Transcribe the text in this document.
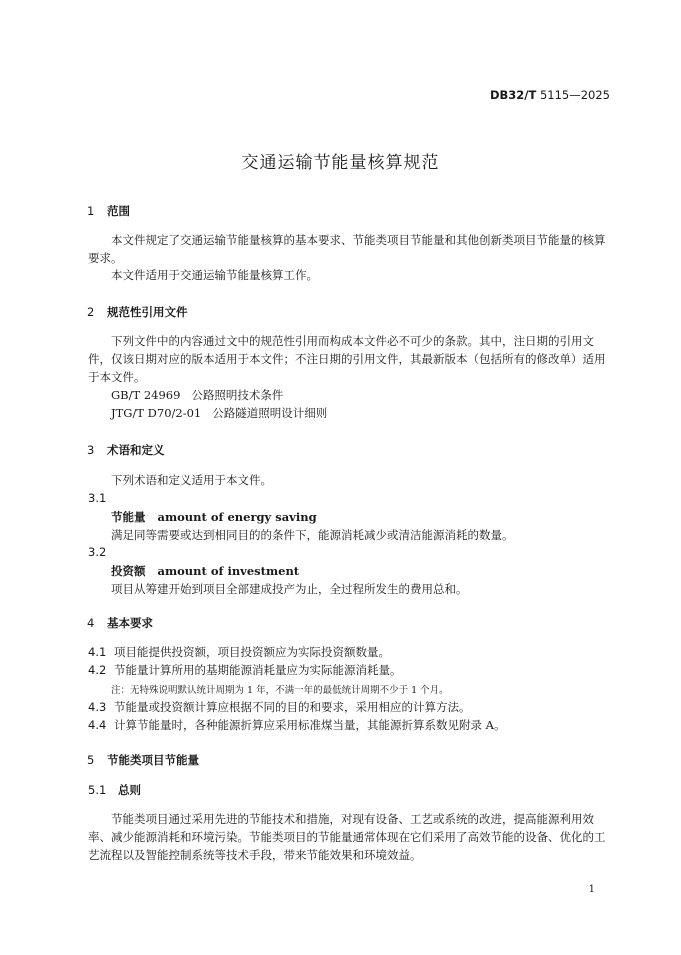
DB32/T 5115—2025
交通运输节能量核算规范
1 范围
本文件规定了交通运输节能量核算的基本要求、节能类项目节能量和其他创新类项目节能量的核算要求。
本文件适用于交通运输节能量核算工作。
2 规范性引用文件
下列文件中的内容通过文中的规范性引用而构成本文件必不可少的条款。其中，注日期的引用文件，仅该日期对应的版本适用于本文件；不注日期的引用文件，其最新版本（包括所有的修改单）适用于本文件。
GB/T 24969 公路照明技术条件
JTG/T D70/2-01 公路隧道照明设计细则
3 术语和定义
下列术语和定义适用于本文件。
3.1
节能量 amount of energy saving
满足同等需要或达到相同目的的条件下，能源消耗减少或清洁能源消耗的数量。
3.2
投资额 amount of investment
项目从筹建开始到项目全部建成投产为止，全过程所发生的费用总和。
4 基本要求
4.1 项目能提供投资额，项目投资额应为实际投资额数量。
4.2 节能量计算所用的基期能源消耗量应为实际能源消耗量。
注：无特殊说明默认统计周期为 1 年，不满一年的最低统计周期不少于 1 个月。
4.3 节能量或投资额计算应根据不同的目的和要求，采用相应的计算方法。
4.4 计算节能量时，各种能源折算应采用标准煤当量，其能源折算系数见附录 A。
5 节能类项目节能量
5.1 总则
节能类项目通过采用先进的节能技术和措施，对现有设备、工艺或系统的改进，提高能源利用效率、减少能源消耗和环境污染。节能类项目的节能量通常体现在它们采用了高效节能的设备、优化的工艺流程以及智能控制系统等技术手段，带来节能效果和环境效益。
1
